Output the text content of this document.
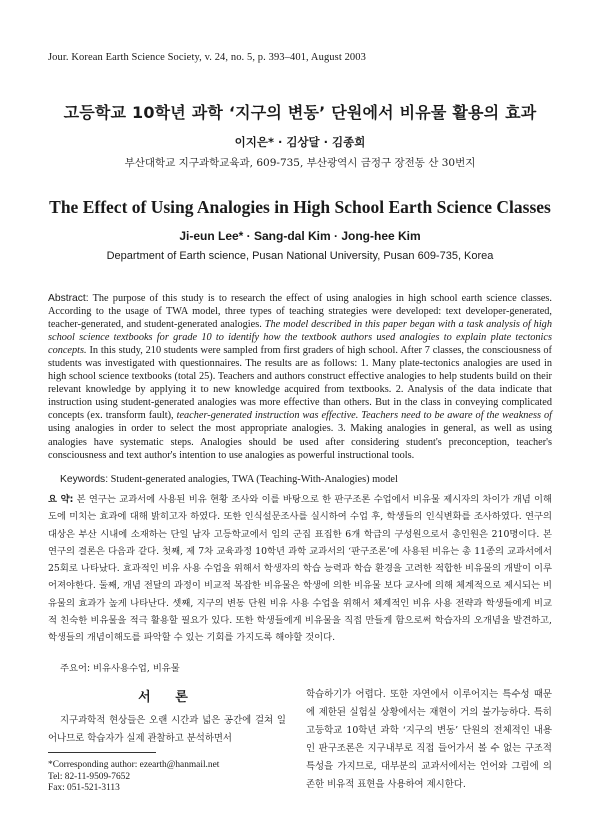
Jour. Korean Earth Science Society, v. 24, no. 5, p. 393–401, August 2003
고등학교 10학년 과학 ‘지구의 변동’ 단원에서 비유물 활용의 효과
이지은* · 김상달 · 김종희
부산대학교 지구과학교육과, 609-735, 부산광역시 금정구 장전동 산 30번지
The Effect of Using Analogies in High School Earth Science Classes
Ji-eun Lee* · Sang-dal Kim · Jong-hee Kim
Department of Earth science, Pusan National University, Pusan 609-735, Korea
Abstract: The purpose of this study is to research the effect of using analogies in high school earth science classes. According to the usage of TWA model, three types of teaching strategies were developed: text developer-generated, teacher-generated, and student-generated analogies. The model described in this paper began with a task analysis of high school science textbooks for grade 10 to identify how the textbook authors used analogies to explain plate tectonics concepts. In this study, 210 students were sampled from first graders of high school. After 7 classes, the consciousness of students was investigated with questionnaires. The results are as follows: 1. Many plate-tectonics analogies are used in high school science textbooks (total 25). Teachers and authors construct effective analogies to help students build on their relevant knowledge by applying it to new knowledge acquired from textbooks. 2. Analysis of the data indicate that instruction using student-generated analogies was more effective than others. But in the class in conveying complicated concepts (ex. transform fault), teacher-generated instruction was effective. Teachers need to be aware of the weakness of using analogies in order to select the most appropriate analogies. 3. Making analogies in general, as well as using analogies have systematic steps. Analogies should be used after considering student's preconception, teacher's consciousness and text author's intention to use analogies as powerful instructional tools.
Keywords: Student-generated analogies, TWA (Teaching-With-Analogies) model
요 약: 본 연구는 교과서에 사용된 비유 현황 조사와 이를 바탕으로 한 판구조론 수업에서 비유물 제시자의 차이가 개념 이해도에 미치는 효과에 대해 밝히고자 하였다. 또한 인식설문조사를 실시하여 수업 후, 학생들의 인식변화를 조사하였다. 연구의 대상은 부산 시내에 소재하는 단일 남자 고등학교에서 임의 군집 표집한 6개 학급의 구성원으로서 총인원은 210명이다. 본 연구의 결론은 다음과 같다. 첫째, 제 7차 교육과정 10학년 과학 교과서의 ‘판구조론’에 사용된 비유는 총 11종의 교과서에서 25회로 나타났다. 효과적인 비유 사용 수업을 위해서 학생자의 학습 능력과 학습 환경을 고려한 적합한 비유물의 개발이 이루어져야한다. 둘째, 개념 전달의 과정이 비교적 복잡한 비유물은 학생에 의한 비유물 보다 교사에 의해 체계적으로 제시되는 비유물의 효과가 높게 나타난다. 셋째, 지구의 변동 단원 비유 사용 수업을 위해서 체계적인 비유 사용 전략과 학생들에게 비교적 친숙한 비유물을 적극 활용할 필요가 있다. 또한 학생들에게 비유물을 직접 만들게 함으로써 학습자의 오개념을 발견하고, 학생들의 개념이해도를 파악할 수 있는 기회를 가지도록 해야할 것이다.
주요어: 비유사용수업, 비유물
서 론
지구과학적 현상들은 오랜 시간과 넓은 공간에 걸쳐 일어나므로 학습자가 실제 관찰하고 분석하면서
*Corresponding author: ezearth@hanmail.net
Tel: 82-11-9509-7652
Fax: 051-521-3113
학습하기가 어렵다. 또한 자연에서 이루어지는 특수성 때문에 제한된 실험실 상황에서는 재현이 거의 불가능하다. 특히 고등학교 10학년 과학 ‘지구의 변동’ 단원의 전체적인 내용인 판구조론은 지구내부로 직접 들어가서 볼 수 없는 구조적 특성을 가지므로, 대부분의 교과서에서는 언어와 그림에 의존한 비유적 표현을 사용하여 제시한다.
